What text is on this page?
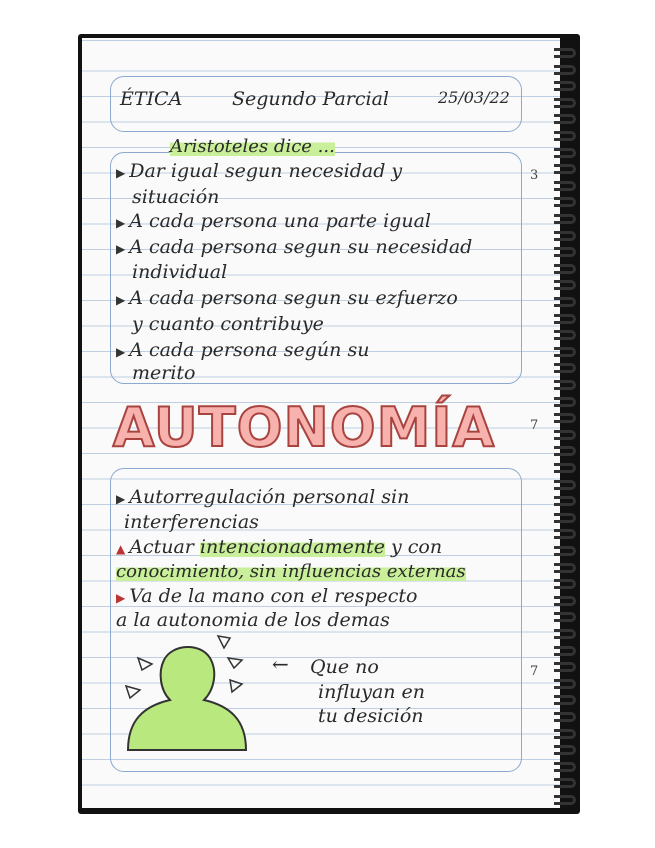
3
7
7
ÉTICA	Segundo Parcial	25/03/22
Aristoteles dice ...
▶ Dar igual segun necesidad y
situación
▶ A cada persona una parte igual
▶ A cada persona segun su necesidad
individual
▶ A cada persona segun su ezfuerzo
y cuanto contribuye
▶ A cada persona según su
merito
AUTONOMÍA
▶ Autorregulación personal sin
interferencias
▲ Actuar intencionadamente y con
conocimiento, sin influencias externas
▶ Va de la mano con el respecto
a la autonomia de los demas
← Que no
influyan en
tu desición
